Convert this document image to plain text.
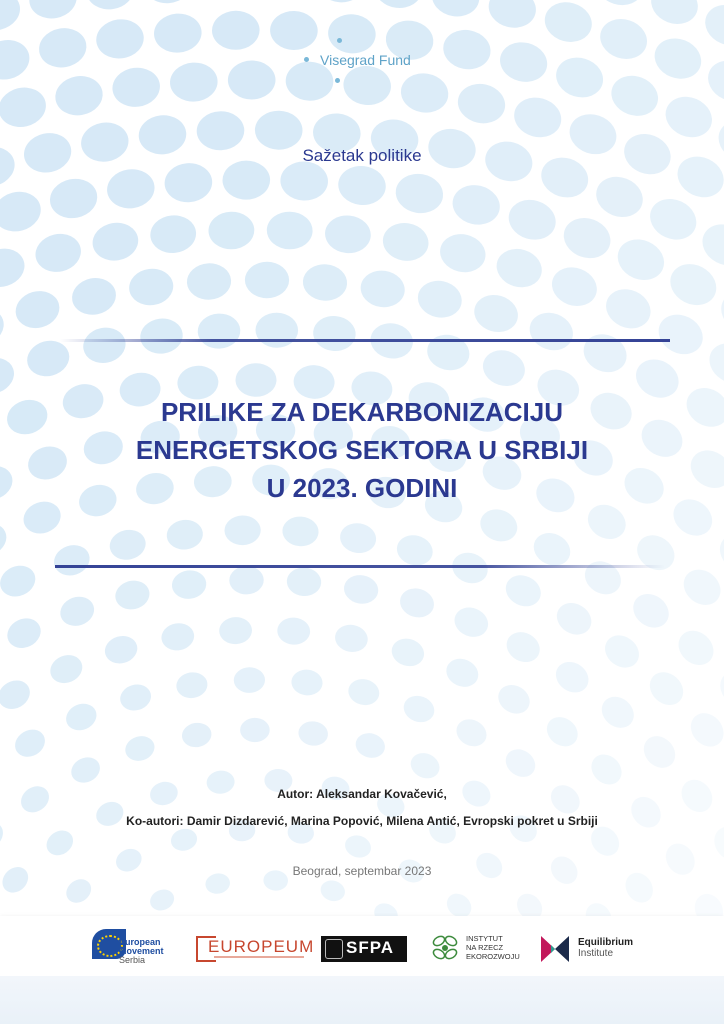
Visegrad Fund
Sažetak politike
PRILIKE ZA DEKARBONIZACIJU
ENERGETSKOG SEKTORA U SRBIJI
U 2023. GODINI
Autor: Aleksandar Kovačević,
Ko-autori: Damir Dizdarević, Marina Popović, Milena Antić, Evropski pokret u Srbiji
Beograd, septembar 2023
European
Movement
Serbia
EUROPEUM SFPA	INSTYTUT
NA RZECZ
EKOROZWOJU
Equilibrium
Institute
